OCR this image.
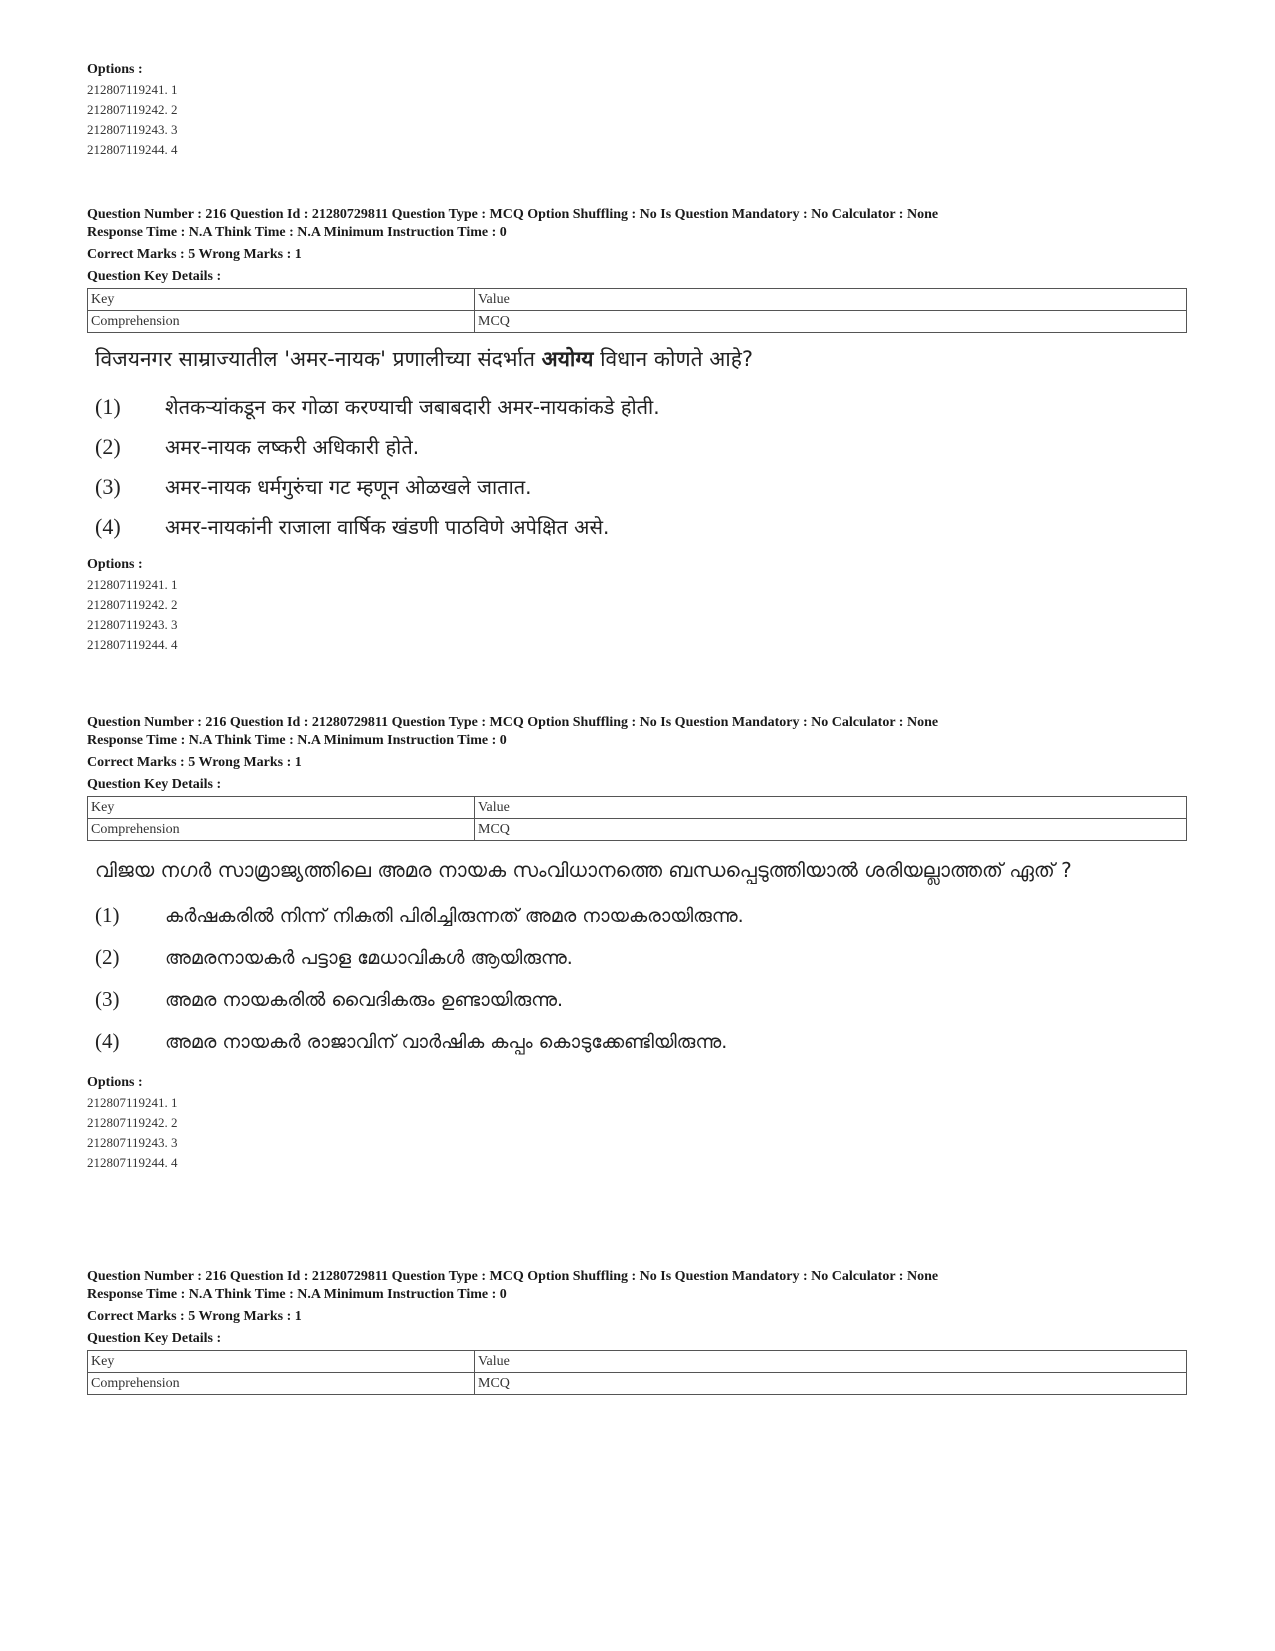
Options :
212807119241. 1
212807119242. 2
212807119243. 3
212807119244. 4
Question Number : 216 Question Id : 21280729811 Question Type : MCQ Option Shuffling : No Is Question Mandatory : No Calculator : None
Response Time : N.A Think Time : N.A Minimum Instruction Time : 0
Correct Marks : 5 Wrong Marks : 1
Question Key Details :
Key	Value
Comprehension	MCQ
विजयनगर साम्राज्यातील 'अमर-नायक' प्रणालीच्या संदर्भात अयोग्य विधान कोणते आहे?
(1)	शेतकऱ्यांकडून कर गोळा करण्याची जबाबदारी अमर-नायकांकडे होती.
(2)	अमर-नायक लष्करी अधिकारी होते.
(3)	अमर-नायक धर्मगुरुंचा गट म्हणून ओळखले जातात.
(4)	अमर-नायकांनी राजाला वार्षिक खंडणी पाठविणे अपेक्षित असे.
Options :
212807119241. 1
212807119242. 2
212807119243. 3
212807119244. 4
Question Number : 216 Question Id : 21280729811 Question Type : MCQ Option Shuffling : No Is Question Mandatory : No Calculator : None
Response Time : N.A Think Time : N.A Minimum Instruction Time : 0
Correct Marks : 5 Wrong Marks : 1
Question Key Details :
Key	Value
Comprehension	MCQ
വിജയ നഗർ സാമ്രാജ്യത്തിലെ അമര നായക സംവിധാനത്തെ ബന്ധപ്പെടുത്തിയാൽ ശരിയല്ലാത്തത് ഏത് ?
(1)	കർഷകരിൽ നിന്ന് നികുതി പിരിച്ചിരുന്നത് അമര നായകരായിരുന്നു.
(2)	അമരനായകർ പട്ടാള മേധാവികൾ ആയിരുന്നു.
(3)	അമര നായകരിൽ വൈദികരും ഉണ്ടായിരുന്നു.
(4)	അമര നായകർ രാജാവിന് വാർഷിക കപ്പം കൊടുക്കേണ്ടിയിരുന്നു.
Options :
212807119241. 1
212807119242. 2
212807119243. 3
212807119244. 4
Question Number : 216 Question Id : 21280729811 Question Type : MCQ Option Shuffling : No Is Question Mandatory : No Calculator : None
Response Time : N.A Think Time : N.A Minimum Instruction Time : 0
Correct Marks : 5 Wrong Marks : 1
Question Key Details :
Key	Value
Comprehension	MCQ
